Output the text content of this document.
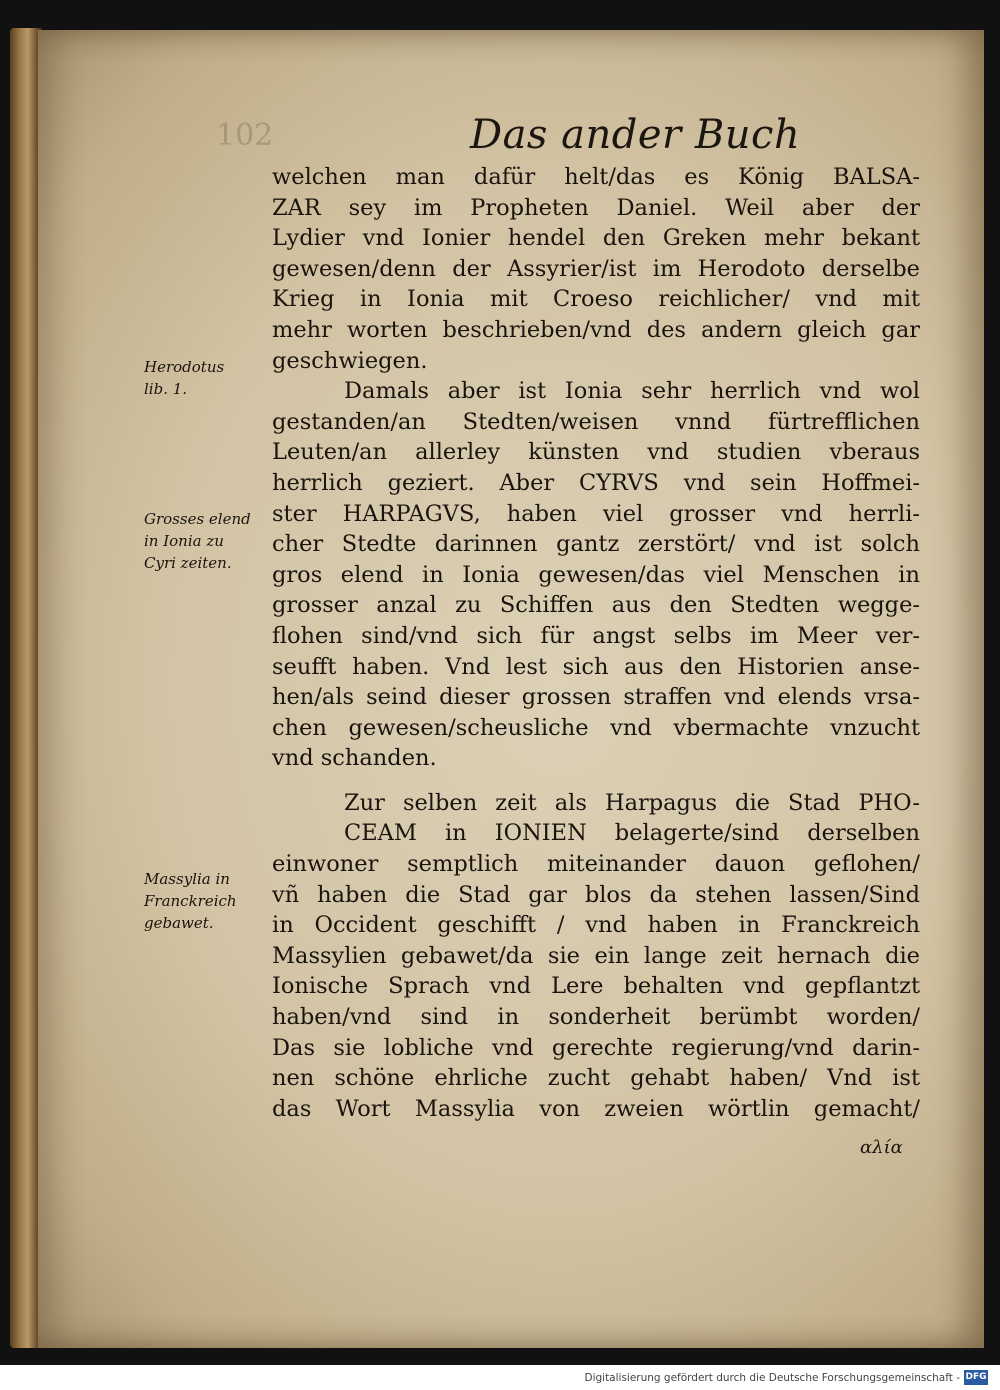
102	Das ander Buch
welchen man dafür helt/das es König BALSA-
ZAR sey im Propheten Daniel. Weil aber der
Lydier vnd Ionier hendel den Greken mehr bekant
gewesen/denn der Assyrier/ist im Herodoto derselbe
Krieg in Ionia mit Croeso reichlicher/ vnd mit
mehr worten beschrieben/vnd des andern gleich gar
geschwiegen.
Damals aber ist Ionia sehr herrlich vnd wol
gestanden/an Stedten/weisen vnnd fürtrefflichen
Leuten/an allerley künsten vnd studien vberaus
herrlich geziert. Aber CYRVS vnd sein Hoffmei-
ster HARPAGVS, haben viel grosser vnd herrli-
cher Stedte darinnen gantz zerstört/ vnd ist solch
gros elend in Ionia gewesen/das viel Menschen in
grosser anzal zu Schiffen aus den Stedten wegge-
flohen sind/vnd sich für angst selbs im Meer ver-
seufft haben. Vnd lest sich aus den Historien anse-
hen/als seind dieser grossen straffen vnd elends vrsa-
chen gewesen/scheusliche vnd vbermachte vnzucht
vnd schanden.
Zur selben zeit als Harpagus die Stad PHO-
CEAM in IONIEN belagerte/sind derselben
einwoner semptlich miteinander dauon geflohen/
vñ haben die Stad gar blos da stehen lassen/Sind
in Occident geschifft / vnd haben in Franckreich
Massylien gebawet/da sie ein lange zeit hernach die
Ionische Sprach vnd Lere behalten vnd gepflantzt
haben/vnd sind in sonderheit berümbt worden/
Das sie lobliche vnd gerechte regierung/vnd darin-
nen schöne ehrliche zucht gehabt haben/ Vnd ist
das Wort Massylia von zweien wörtlin gemacht/
Herodotus
lib. 1.
Grosses elend
in Ionia zu
Cyri zeiten.
Massylia in
Franckreich
gebawet.
αλία
Digitalisierung gefördert durch die Deutsche Forschungsgemeinschaft - DFG
